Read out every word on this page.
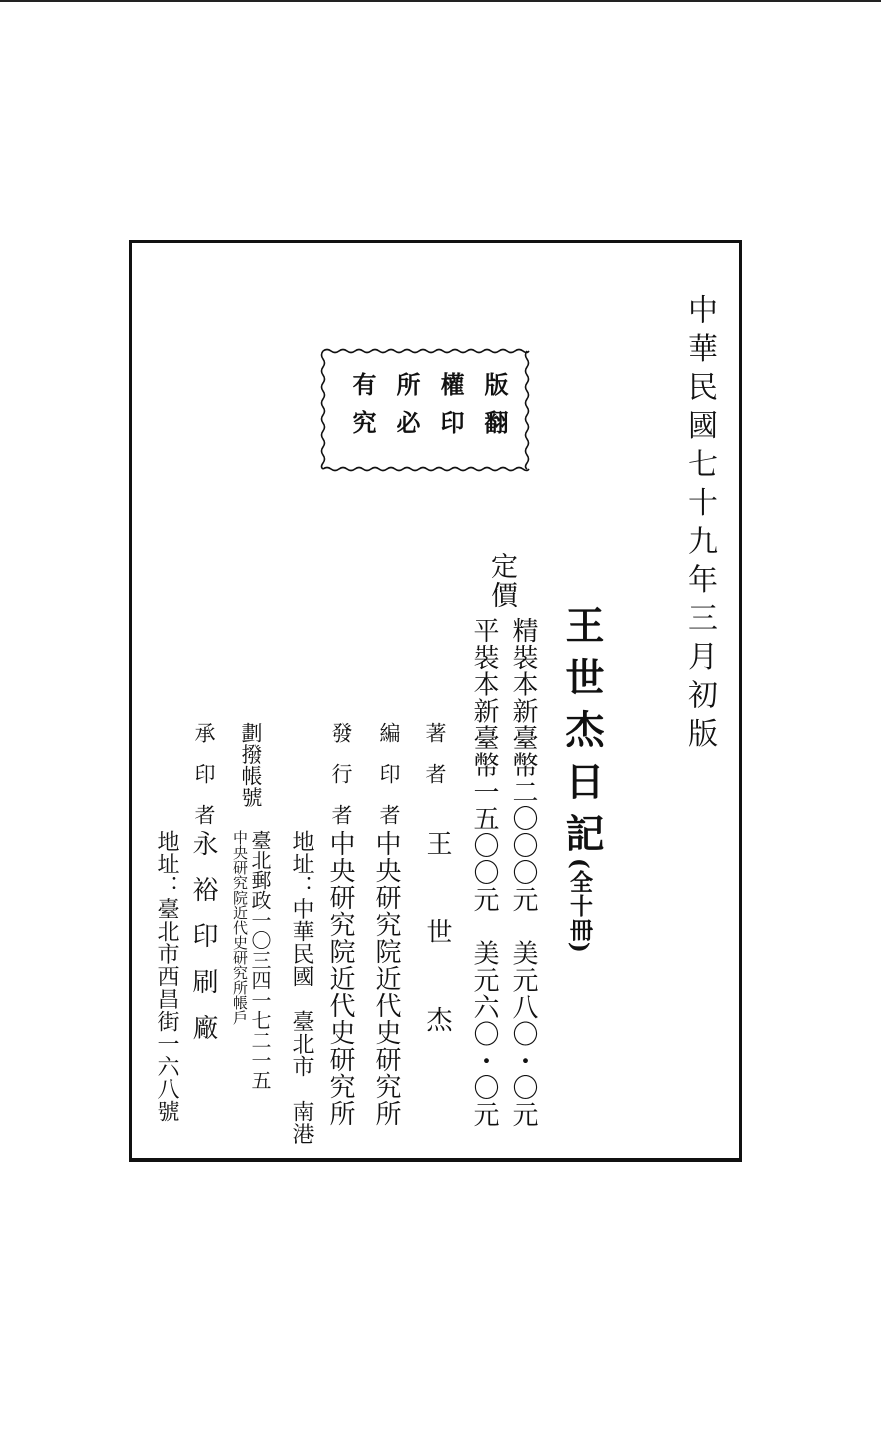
中華民國七十九年三月初版
版翻
權印
所必
有究
王世杰日記
(全十冊)
定價
精裝本新臺幣二〇〇〇元　美元八〇・〇元
平裝本新臺幣一五〇〇元　美元六〇・〇元
著者
王世杰
編印者
中央研究院近代史研究所
發行者
中央研究院近代史研究所
地址：中華民國　臺北市　南港
劃撥帳號
臺北郵政一〇三四一七二一五
中央研究院近代史研究所帳戶
承印者
永裕印刷廠
地址：臺北市西昌街一六八號
